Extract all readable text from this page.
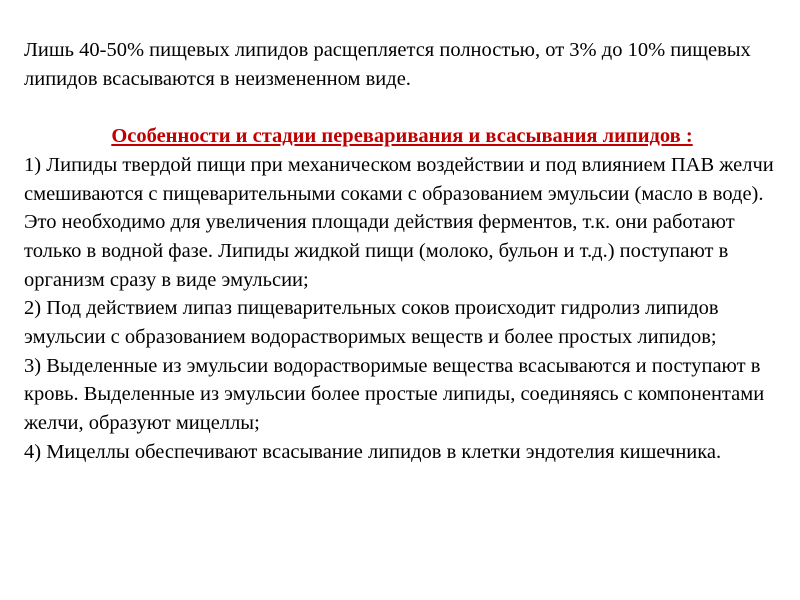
Лишь 40-50% пищевых липидов расщепляется полностью, от 3% до 10% пищевых липидов всасываются в неизмененном виде.

Особенности и стадии переваривания и всасывания липидов :

1) Липиды твердой пищи при механическом воздействии и под влиянием ПАВ желчи смешиваются с пищеварительными соками с образованием эмульсии (масло в воде). Это необходимо для увеличения площади действия ферментов, т.к. они работают только в водной фазе. Липиды жидкой пищи (молоко, бульон и т.д.) поступают в организм сразу в виде эмульсии;

2) Под действием липаз пищеварительных соков происходит гидролиз липидов эмульсии с образованием водорастворимых веществ и более простых липидов;

3) Выделенные из эмульсии водорастворимые вещества всасываются и поступают в кровь. Выделенные из эмульсии более простые липиды, соединяясь с компонентами желчи, образуют мицеллы;

4) Мицеллы обеспечивают всасывание липидов в клетки эндотелия кишечника.
